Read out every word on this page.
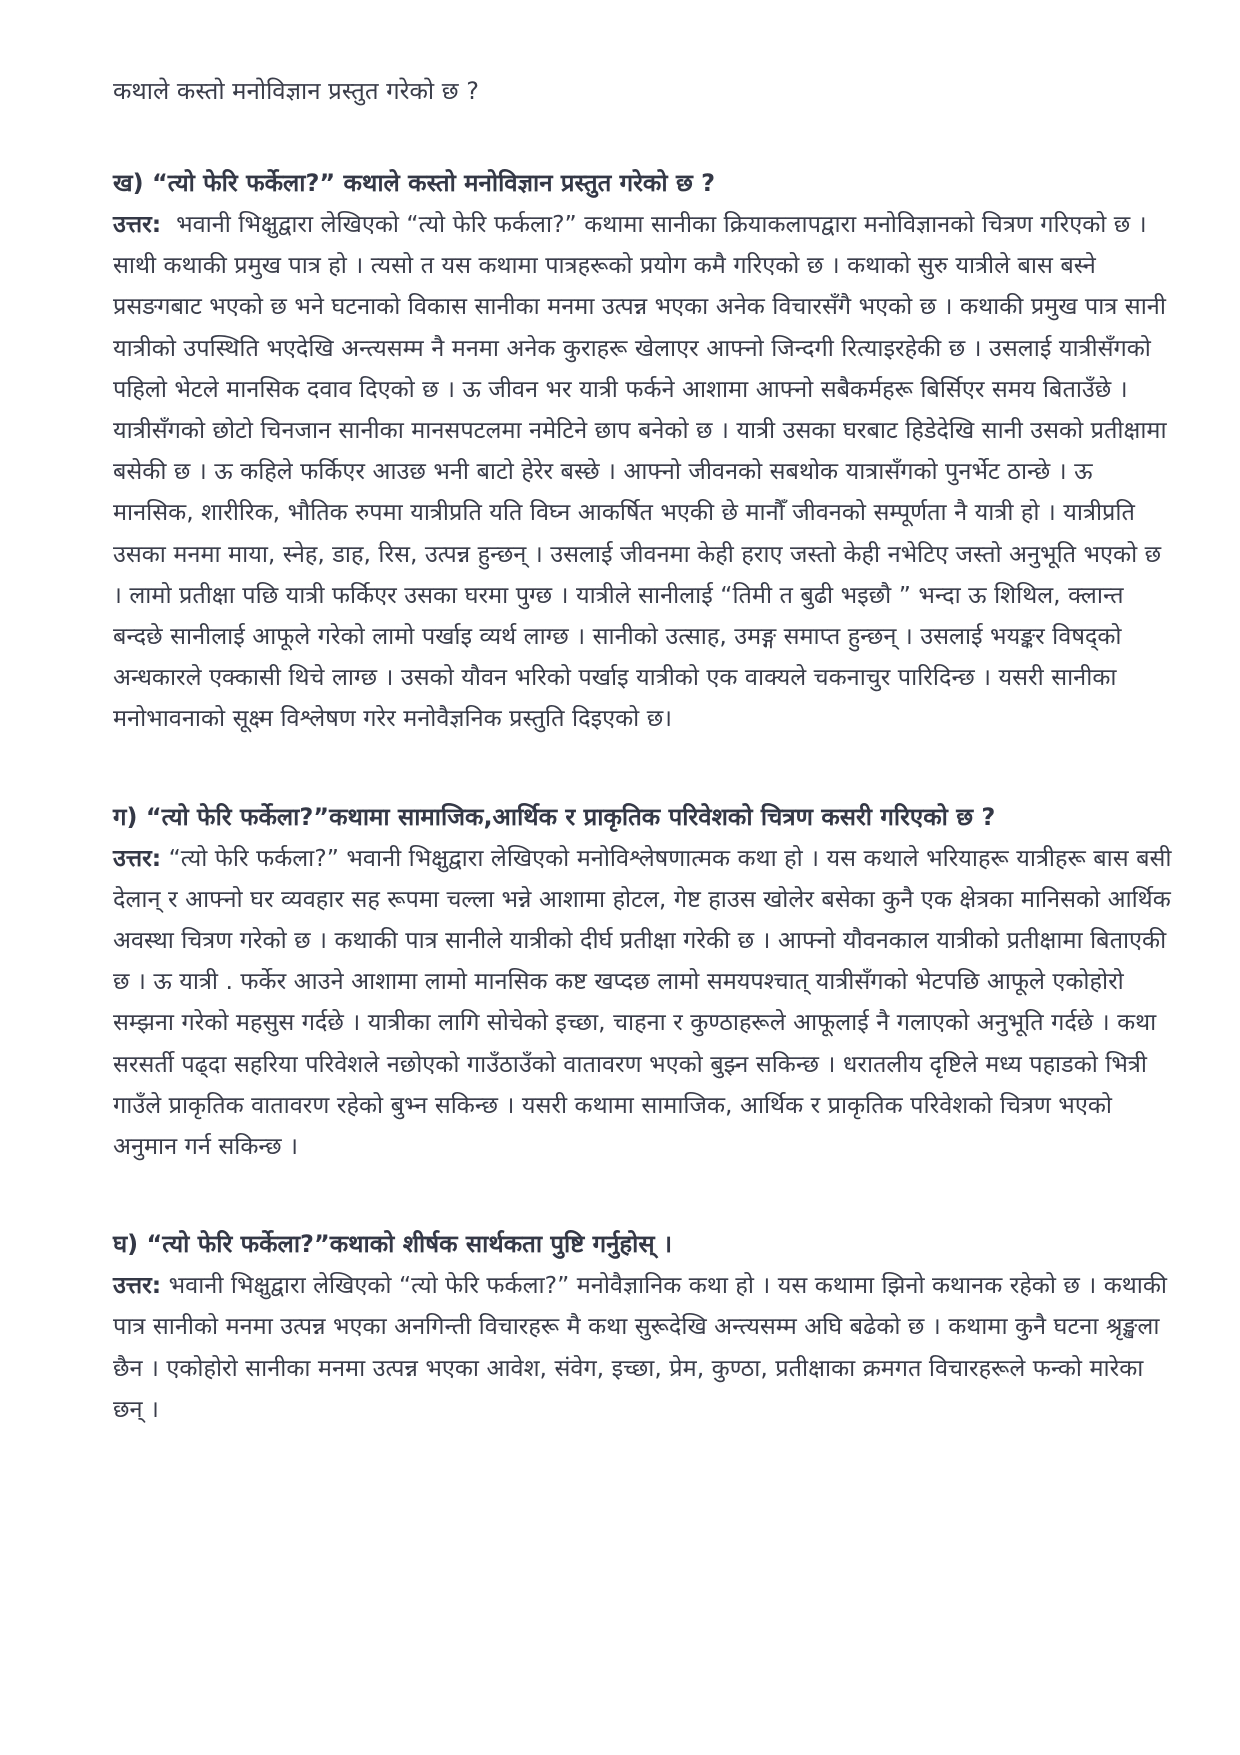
कथाले कस्तो मनोविज्ञान प्रस्तुत गरेको छ ?

ख) “त्यो फेरि फर्केला?” कथाले कस्तो मनोविज्ञान प्रस्तुत गरेको छ ?

उत्तर: भवानी भिक्षुद्वारा लेखिएको “त्यो फेरि फर्कला?” कथामा सानीका क्रियाकलापद्वारा मनोविज्ञानको चित्रण गरिएको छ । साथी कथाकी प्रमुख पात्र हो । त्यसो त यस कथामा पात्रहरूको प्रयोग कमै गरिएको छ । कथाको सुरु यात्रीले बास बस्ने प्रसङगबाट भएको छ भने घटनाको विकास सानीका मनमा उत्पन्न भएका अनेक विचारसँगै भएको छ । कथाकी प्रमुख पात्र सानी यात्रीको उपस्थिति भएदेखि अन्त्यसम्म नै मनमा अनेक कुराहरू खेलाएर आफ्नो जिन्दगी रित्याइरहेकी छ । उसलाई यात्रीसँगको पहिलो भेटले मानसिक दवाव दिएको छ । ऊ जीवन भर यात्री फर्कने आशामा आफ्नो सबैकर्महरू बिर्सिएर समय बिताउँछे । यात्रीसँगको छोटो चिनजान सानीका मानसपटलमा नमेटिने छाप बनेको छ । यात्री उसका घरबाट हिडेदेखि सानी उसको प्रतीक्षामा बसेकी छ । ऊ कहिले फर्किएर आउछ भनी बाटो हेरेर बस्छे । आफ्नो जीवनको सबथोक यात्रासँगको पुनर्भेट ठान्छे । ऊ मानसिक, शारीरिक, भौतिक रुपमा यात्रीप्रति यति विघ्न आकर्षित भएकी छे मानौँ जीवनको सम्पूर्णता नै यात्री हो । यात्रीप्रति उसका मनमा माया, स्नेह, डाह, रिस, उत्पन्न हुन्छन् । उसलाई जीवनमा केही हराए जस्तो केही नभेटिए जस्तो अनुभूति भएको छ । लामो प्रतीक्षा पछि यात्री फर्किएर उसका घरमा पुग्छ । यात्रीले सानीलाई “तिमी त बुढी भइछौ ” भन्दा ऊ शिथिल, क्लान्त बन्दछे सानीलाई आफूले गरेको लामो पर्खाइ व्यर्थ लाग्छ । सानीको उत्साह, उमङ्ग समाप्त हुन्छन् । उसलाई भयङ्कर विषद्को अन्धकारले एक्कासी थिचे लाग्छ । उसको यौवन भरिको पर्खाइ यात्रीको एक वाक्यले चकनाचुर पारिदिन्छ । यसरी सानीका मनोभावनाको सूक्ष्म विश्लेषण गरेर मनोवैज्ञनिक प्रस्तुति दिइएको छ।

ग) “त्यो फेरि फर्केला?”कथामा सामाजिक,आर्थिक र प्राकृतिक परिवेशको चित्रण कसरी गरिएको छ ?

उत्तर: “त्यो फेरि फर्कला?” भवानी भिक्षुद्वारा लेखिएको मनोविश्लेषणात्मक कथा हो । यस कथाले भरियाहरू यात्रीहरू बास बसी देलान् र आफ्नो घर व्यवहार सह रूपमा चल्ला भन्ने आशामा होटल, गेष्ट हाउस खोलेर बसेका कुनै एक क्षेत्रका मानिसको आर्थिक अवस्था चित्रण गरेको छ । कथाकी पात्र सानीले यात्रीको दीर्घ प्रतीक्षा गरेकी छ । आफ्नो यौवनकाल यात्रीको प्रतीक्षामा बिताएकी छ । ऊ यात्री . फर्केर आउने आशामा लामो मानसिक कष्ट खप्दछ लामो समयपश्चात् यात्रीसँगको भेटपछि आफूले एकोहोरो सम्झना गरेको महसुस गर्दछे । यात्रीका लागि सोचेको इच्छा, चाहना र कुण्ठाहरूले आफूलाई नै गलाएको अनुभूति गर्दछे । कथा सरसर्ती पढ्दा सहरिया परिवेशले नछोएको गाउँठाउँको वातावरण भएको बुझ्न सकिन्छ । धरातलीय दृष्टिले मध्य पहाडको भित्री गाउँले प्राकृतिक वातावरण रहेको बुभ्न सकिन्छ । यसरी कथामा सामाजिक, आर्थिक र प्राकृतिक परिवेशको चित्रण भएको अनुमान गर्न सकिन्छ ।

घ) “त्यो फेरि फर्केला?”कथाको शीर्षक सार्थकता पुष्टि गर्नुहोस् ।

उत्तर: भवानी भिक्षुद्वारा लेखिएको “त्यो फेरि फर्कला?” मनोवैज्ञानिक कथा हो । यस कथामा झिनो कथानक रहेको छ । कथाकी पात्र सानीको मनमा उत्पन्न भएका अनगिन्ती विचारहरू मै कथा सुरूदेखि अन्त्यसम्म अघि बढेको छ । कथामा कुनै घटना श्रृङ्खला छैन । एकोहोरो सानीका मनमा उत्पन्न भएका आवेश, संवेग, इच्छा, प्रेम, कुण्ठा, प्रतीक्षाका क्रमगत विचारहरूले फन्को मारेका छन् ।
